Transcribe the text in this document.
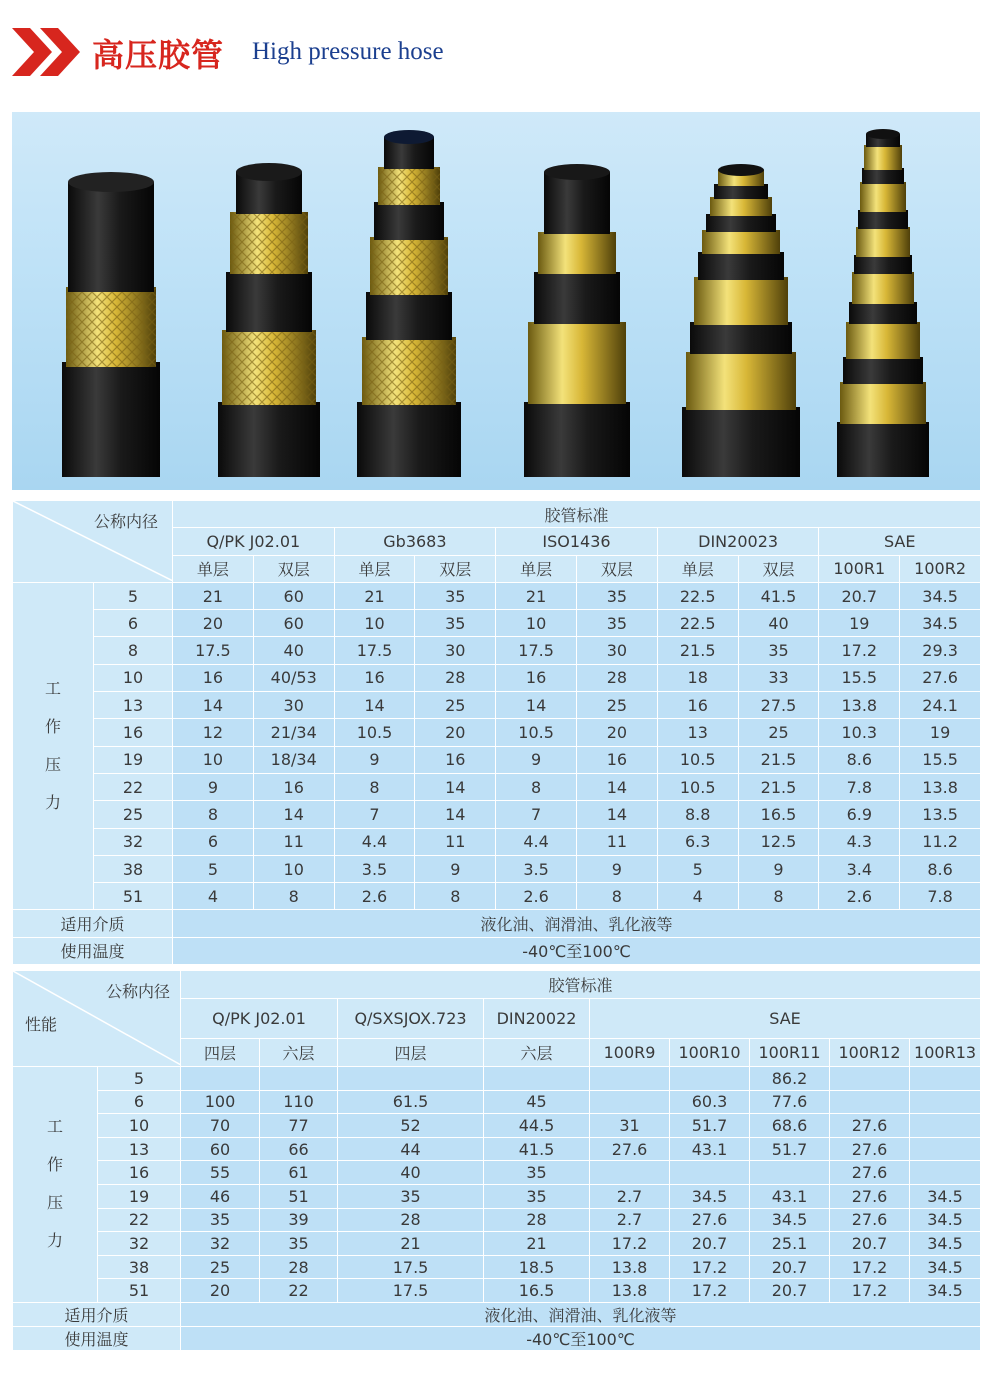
高压胶管 High pressure hose
公称内径		胶管标准									
		Q/PK J02.01		Gb3683		ISO1436		DIN20023		SAE	
		单层	双层	单层	双层	单层	双层	单层	双层	100R1	100R2

工
作
压
力	5	21	60	21	35	21	35	22.5	41.5	20.7	34.5
	6	20	60	10	35	10	35	22.5	40	19	34.5
	8	17.5	40	17.5	30	17.5	30	21.5	35	17.2	29.3
	10	16	40/53	16	28	16	28	18	33	15.5	27.6
	13	14	30	14	25	14	25	16	27.5	13.8	24.1
	16	12	21/34	10.5	20	10.5	20	13	25	10.3	19
	19	10	18/34	9	16	9	16	10.5	21.5	8.6	15.5
	22	9	16	8	14	8	14	10.5	21.5	7.8	13.8
	25	8	14	7	14	7	14	8.8	16.5	6.9	13.5
	32	6	11	4.4	11	4.4	11	6.3	12.5	4.3	11.2
	38	5	10	3.5	9	3.5	9	5	9	3.4	8.6
	51	4	8	2.6	8	2.6	8	4	8	2.6	7.8
适用介质		液化油、润滑油、乳化液等									
使用温度		-40℃至100℃									
公称内径
性能		胶管标准								
		Q/PK J02.01		Q/SXSJOX.723	DIN20022	SAE				
		四层	六层	四层	六层	100R9	100R10	100R11	100R12	100R13

工
作
压
力	5							86.2		
	6	100	110	61.5	45		60.3	77.6		
	10	70	77	52	44.5	31	51.7	68.6	27.6	
	13	60	66	44	41.5	27.6	43.1	51.7	27.6	
	16	55	61	40	35				27.6	
	19	46	51	35	35	2.7	34.5	43.1	27.6	34.5
	22	35	39	28	28	2.7	27.6	34.5	27.6	34.5
	32	32	35	21	21	17.2	20.7	25.1	20.7	34.5
	38	25	28	17.5	18.5	13.8	17.2	20.7	17.2	34.5
	51	20	22	17.5	16.5	13.8	17.2	20.7	17.2	34.5
适用介质		液化油、润滑油、乳化液等								
使用温度		-40℃至100℃								
